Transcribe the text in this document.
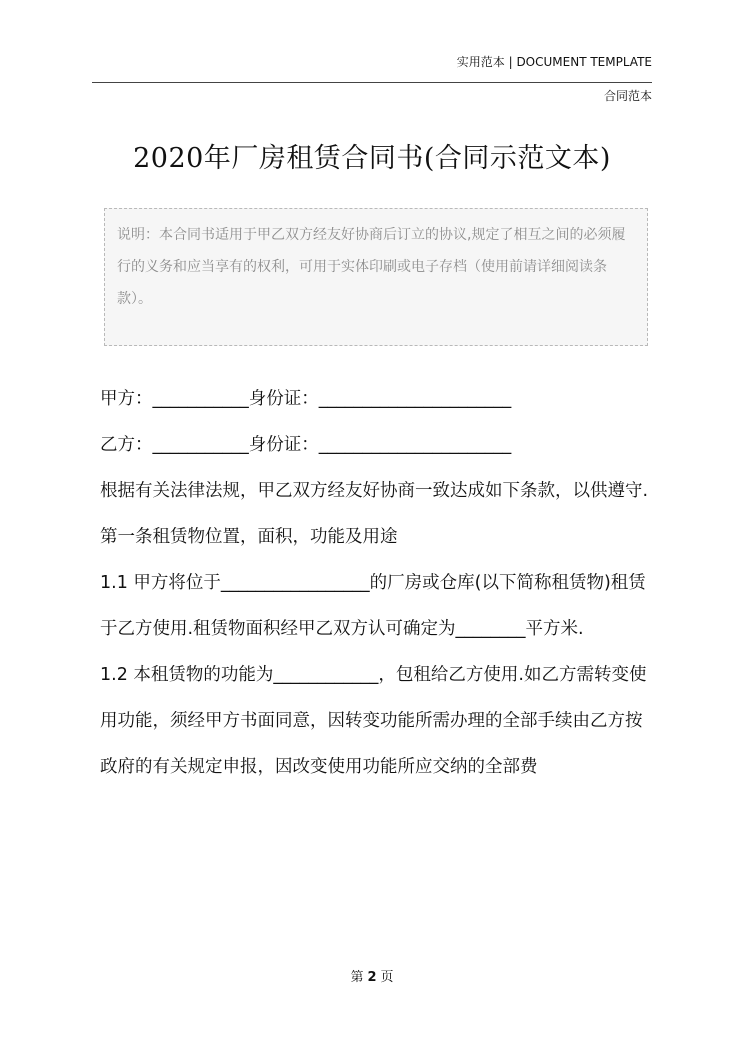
实用范本 | DOCUMENT TEMPLATE
合同范本
2020年厂房租赁合同书(合同示范文本)

说明：本合同书适用于甲乙双方经友好协商后订立的协议,规定了相互之间的必须履行的义务和应当享有的权利，可用于实体印刷或电子存档（使用前请详细阅读条款）。

甲方：___________身份证：______________________

乙方：___________身份证：______________________

根据有关法律法规，甲乙双方经友好协商一致达成如下条款，以供遵守.

第一条租赁物位置，面积，功能及用途

1.1 甲方将位于_________________的厂房或仓库(以下简称租赁物)租赁于乙方使用.租赁物面积经甲乙双方认可确定为________平方米.

1.2 本租赁物的功能为____________，包租给乙方使用.如乙方需转变使用功能，须经甲方书面同意，因转变功能所需办理的全部手续由乙方按政府的有关规定申报，因改变使用功能所应交纳的全部费

第 2 页
